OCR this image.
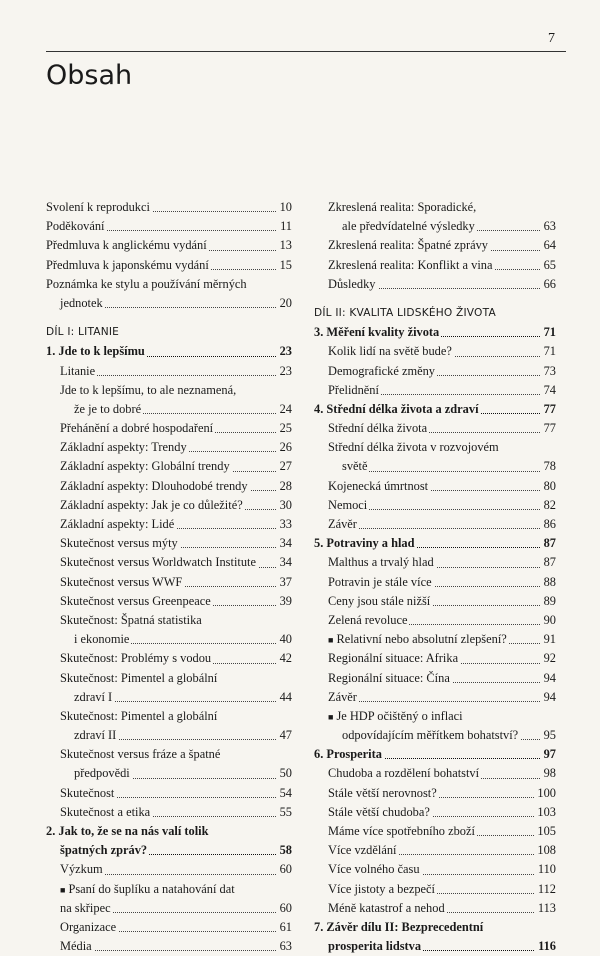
7
Obsah
Svolení k reprodukci	10
Poděkování	11
Předmluva k anglickému vydání	13
Předmluva k japonskému vydání	15
Poznámka ke stylu a používání měrných
jednotek	20
DÍL I: LITANIE
1. Jde to k lepšímu	23
Litanie	23
Jde to k lepšímu, to ale neznamená,
že je to dobré	24
Přehánění a dobré hospodaření	25
Základní aspekty: Trendy	26
Základní aspekty: Globální trendy	27
Základní aspekty: Dlouhodobé trendy	28
Základní aspekty: Jak je co důležité?	30
Základní aspekty: Lidé	33
Skutečnost versus mýty	34
Skutečnost versus Worldwatch Institute 34
Skutečnost versus WWF	37
Skutečnost versus Greenpeace	39
Skutečnost: Špatná statistika
i ekonomie	40
Skutečnost: Problémy s vodou	42
Skutečnost: Pimentel a globální
zdraví I	44
Skutečnost: Pimentel a globální
zdraví II	47
Skutečnost versus fráze a špatné
předpovědi	50
Skutečnost	54
Skutečnost a etika	55
2. Jak to, že se na nás valí tolik
špatných zpráv?	58
Výzkum	60
■ Psaní do šuplíku a natahování dat
na skřipec	60
Organizace	61
Média	63
Zkreslená realita: Sporadické,
ale předvídatelné výsledky	63
Zkreslená realita: Špatné zprávy	64
Zkreslená realita: Konflikt a vina	65
Důsledky	66
DÍL II: KVALITA LIDSKÉHO ŽIVOTA
3. Měření kvality života	71
Kolik lidí na světě bude?	71
Demografické změny	73
Přelidnění	74
4. Střední délka života a zdraví	77
Střední délka života	77
Střední délka života v rozvojovém
světě	78
Kojenecká úmrtnost	80
Nemoci	82
Závěr	86
5. Potraviny a hlad	87
Malthus a trvalý hlad	87
Potravin je stále více	88
Ceny jsou stále nižší	89
Zelená revoluce	90
■ Relativní nebo absolutní zlepšení?	91
Regionální situace: Afrika	92
Regionální situace: Čína	94
Závěr	94
■ Je HDP očištěný o inflaci
odpovídajícím měřítkem bohatství? 95
6. Prosperita	97
Chudoba a rozdělení bohatství	98
Stále větší nerovnost?	100
Stále větší chudoba?	103
Máme více spotřebního zboží	105
Více vzdělání	108
Více volného času	110
Více jistoty a bezpečí	112
Méně katastrof a nehod	113
7. Závěr dílu II: Bezprecedentní
prosperita lidstva	116
